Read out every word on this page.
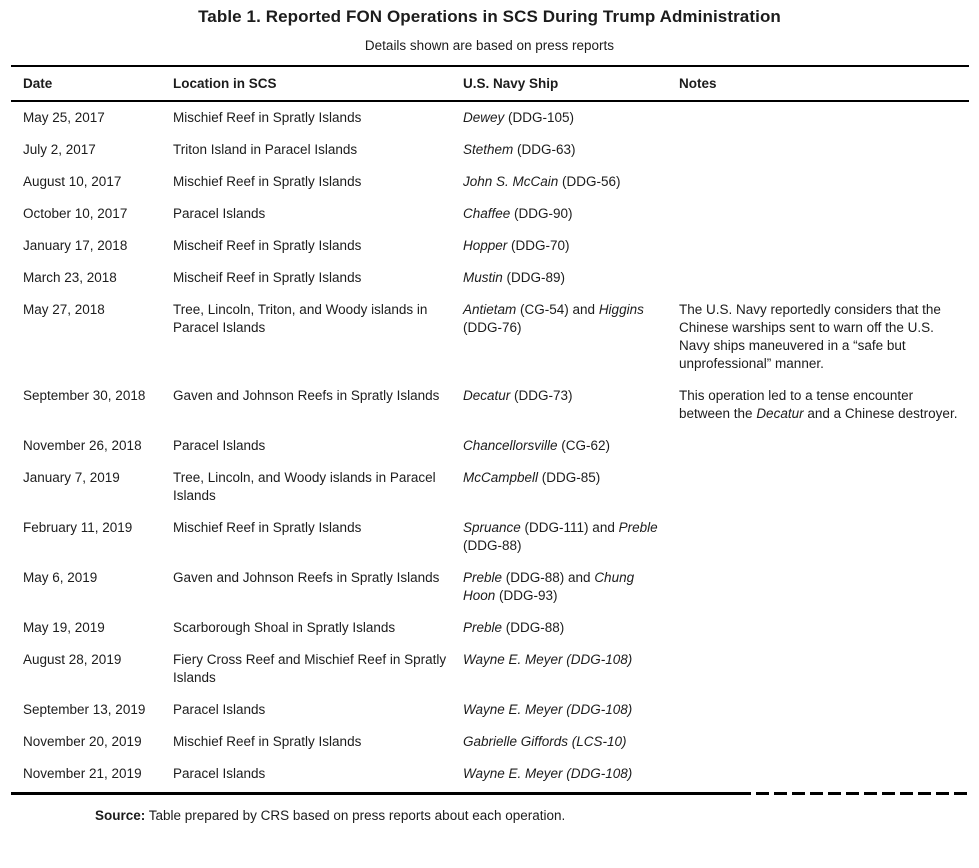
Table 1. Reported FON Operations in SCS During Trump Administration
Details shown are based on press reports
Date	Location in SCS	U.S. Navy Ship	Notes
May 25, 2017	Mischief Reef in Spratly Islands	Dewey (DDG-105)	
July 2, 2017	Triton Island in Paracel Islands	Stethem (DDG-63)	
August 10, 2017	Mischief Reef in Spratly Islands	John S. McCain (DDG-56)	
October 10, 2017	Paracel Islands	Chaffee (DDG-90)	
January 17, 2018	Mischeif Reef in Spratly Islands	Hopper (DDG-70)	
March 23, 2018	Mischeif Reef in Spratly Islands	Mustin (DDG-89)	
May 27, 2018	Tree, Lincoln, Triton, and Woody islands in Paracel Islands	Antietam (CG-54) and Higgins (DDG-76)	The U.S. Navy reportedly considers that the Chinese warships sent to warn off the U.S. Navy ships maneuvered in a “safe but unprofessional” manner.
September 30, 2018	Gaven and Johnson Reefs in Spratly Islands	Decatur (DDG-73)	This operation led to a tense encounter between the Decatur and a Chinese destroyer.
November 26, 2018	Paracel Islands	Chancellorsville (CG-62)	
January 7, 2019	Tree, Lincoln, and Woody islands in Paracel Islands	McCampbell (DDG-85)	
February 11, 2019	Mischief Reef in Spratly Islands	Spruance (DDG-111) and Preble (DDG-88)	
May 6, 2019	Gaven and Johnson Reefs in Spratly Islands	Preble (DDG-88) and Chung Hoon (DDG-93)	
May 19, 2019	Scarborough Shoal in Spratly Islands	Preble (DDG-88)	
August 28, 2019	Fiery Cross Reef and Mischief Reef in Spratly Islands	Wayne E. Meyer (DDG-108)	
September 13, 2019	Paracel Islands	Wayne E. Meyer (DDG-108)	
November 20, 2019	Mischief Reef in Spratly Islands	Gabrielle Giffords (LCS-10)	
November 21, 2019	Paracel Islands	Wayne E. Meyer (DDG-108)	
Source: Table prepared by CRS based on press reports about each operation.
